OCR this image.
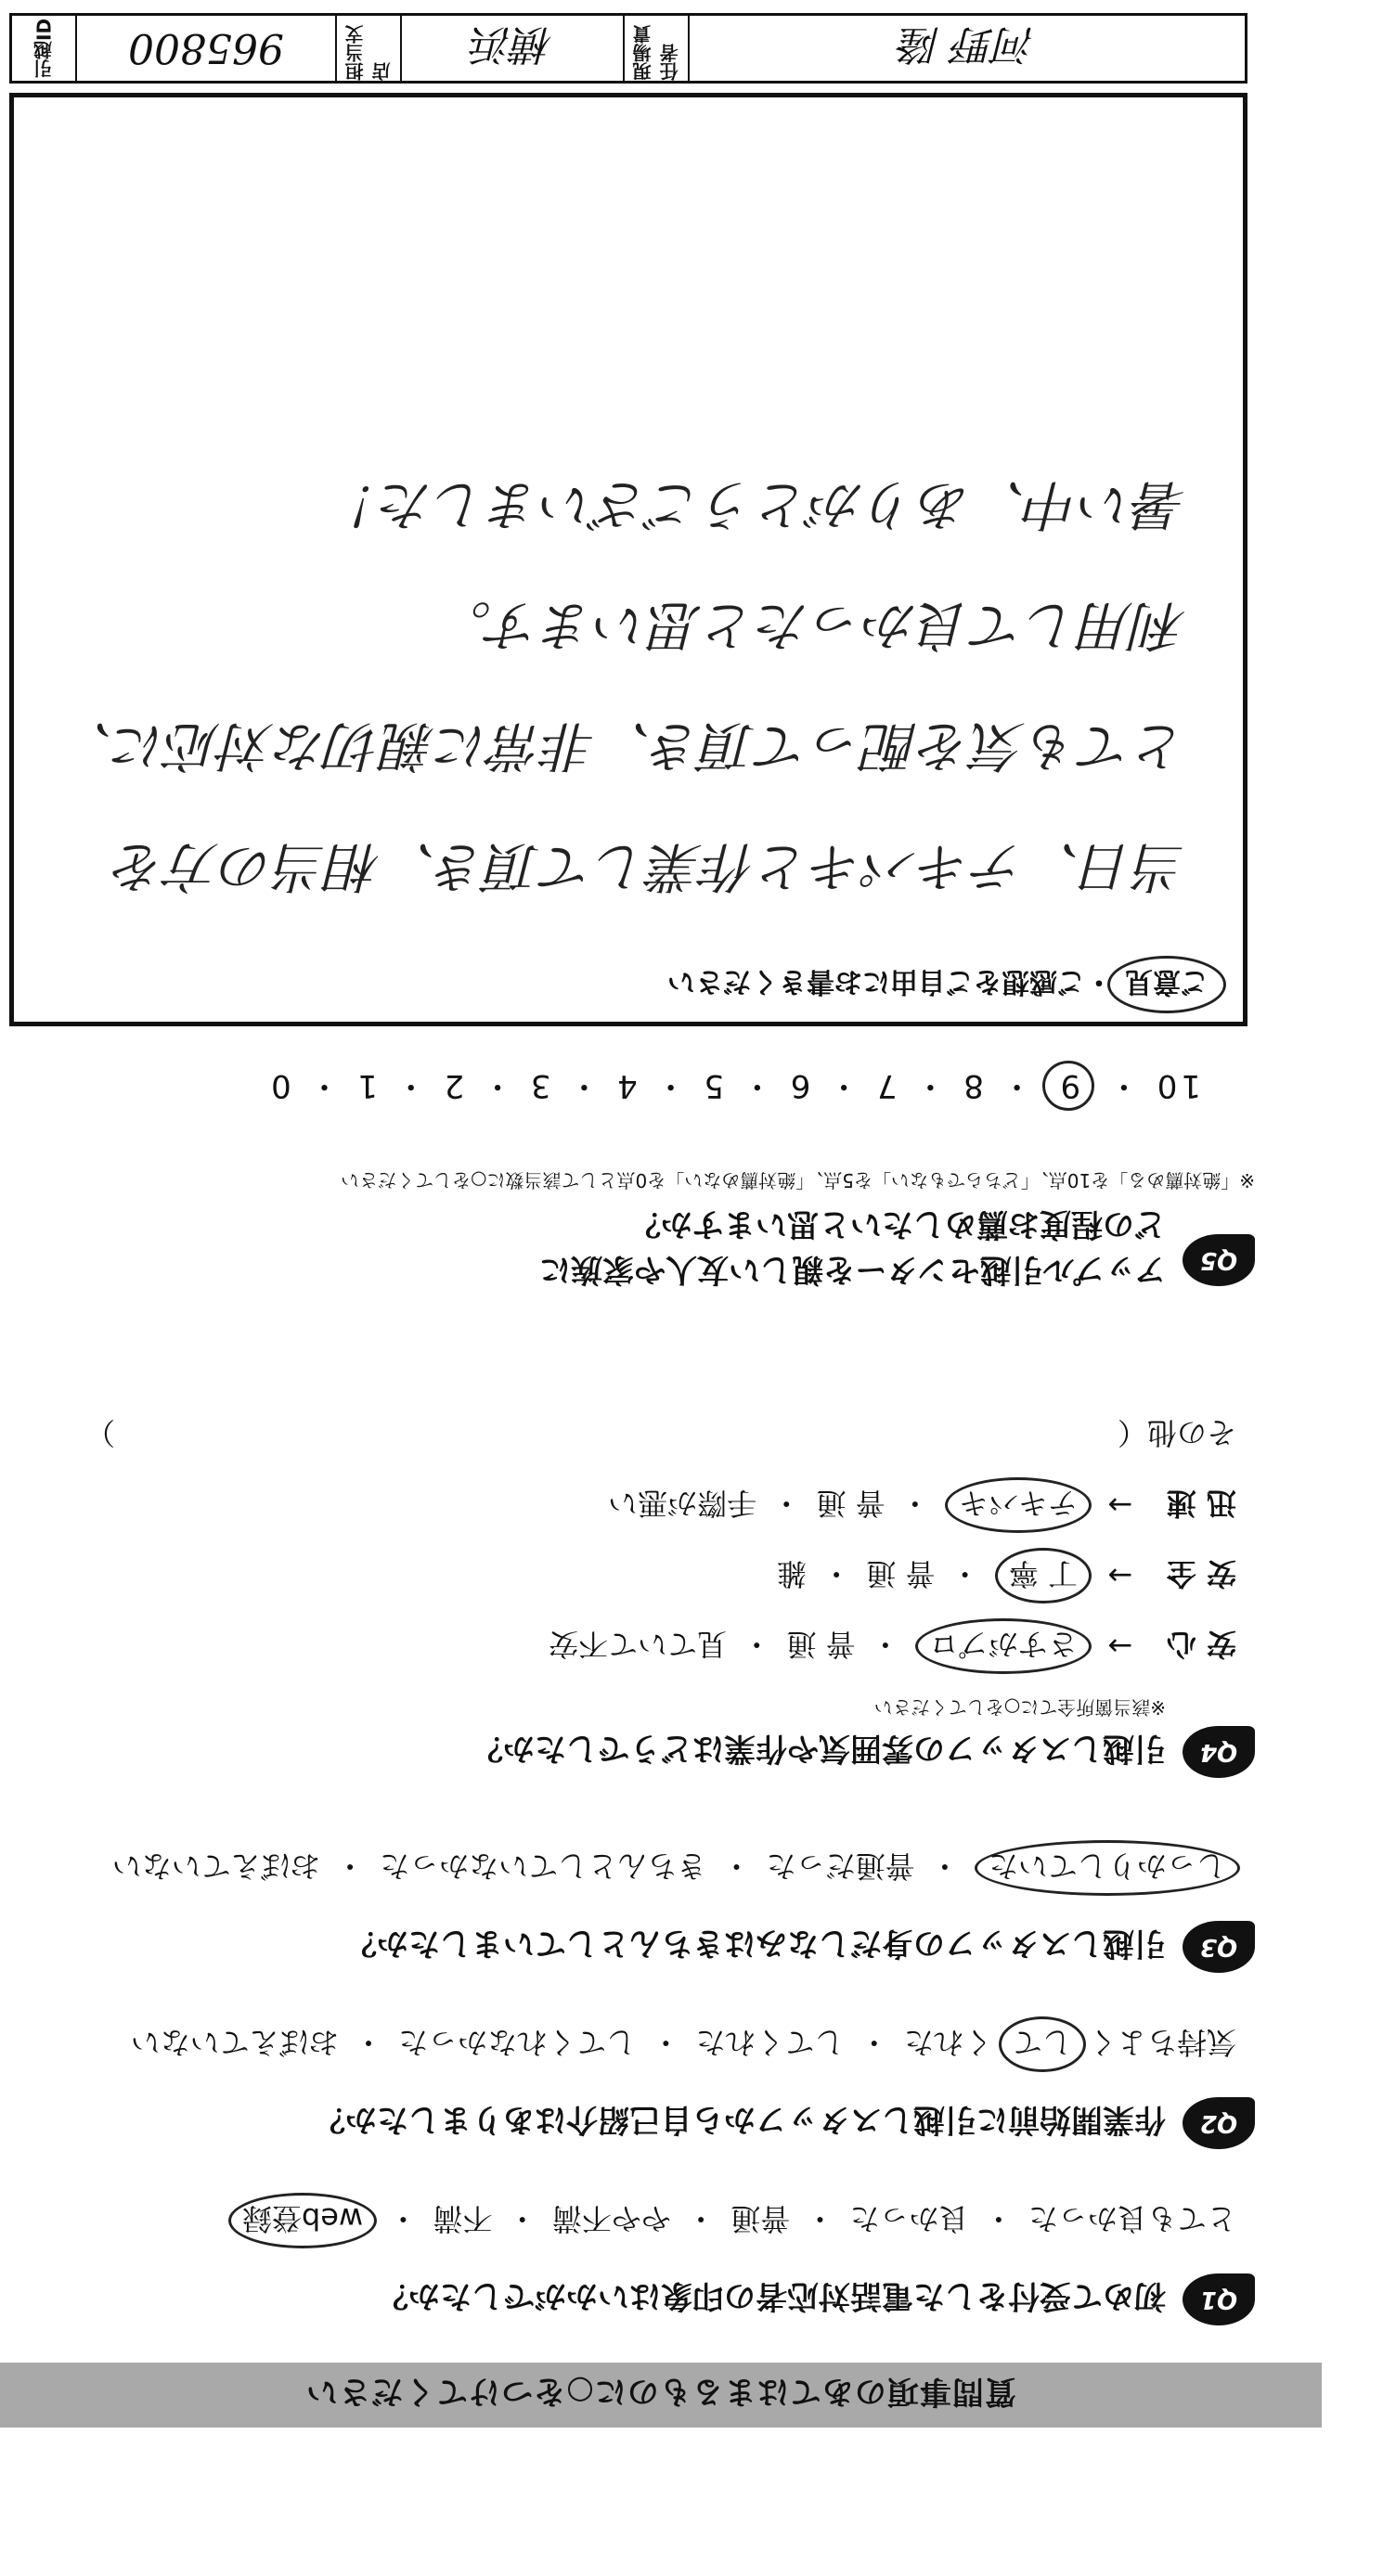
質問事項のあてはまるものに○をつけてください
Q1
初めて受付をした電話対応者の印象はいかがでしたか？
とても良かった ・ 良かった ・ 普通 ・ やや不満 ・ 不満 ・ web登録
Q2
作業開始前に引越しスタッフから自己紹介はありましたか？
気持ちよくしてくれた ・ してくれた ・ してくれなかった ・ おぼえていない
Q3
引越しスタッフの身だしなみはきちんとしていましたか？
しっかりしていた ・ 普通だった ・ きちんとしていなかった ・ おぼえていない
Q4
引越しスタッフの雰囲気や作業はどうでしたか？
※該当箇所全てに○をしてください
安 心
→
さすがプロ ・ 普 通 ・ 見ていて不安
安 全
→
丁 寧 ・ 普 通 ・ 雑
迅 速
→
テキパキ ・ 普 通 ・ 手際が悪い
その他（
）
Q5
アップル引越センターを親しい友人や家族に
どの程度お薦めしたいと思いますか？
※「絶対薦める」を10点、「どちらでもない」を5点、「絶対薦めない」を0点として該当数に○をしてください
10 ・ 9 ・ 8 ・ 7 ・ 6 ・ 5 ・ 4 ・ 3 ・ 2 ・ 1 ・ 0
ご意見・ご感想をご自由にお書きください
当日、テキパキと作業して頂き、相当の方を
とても気を配って頂き、非常に親切な対応に、
利用して良かったと思います。
暑い中、ありがとうございました！
河野 隆
現場責任者
横浜
担当支店
965800
引越ID
